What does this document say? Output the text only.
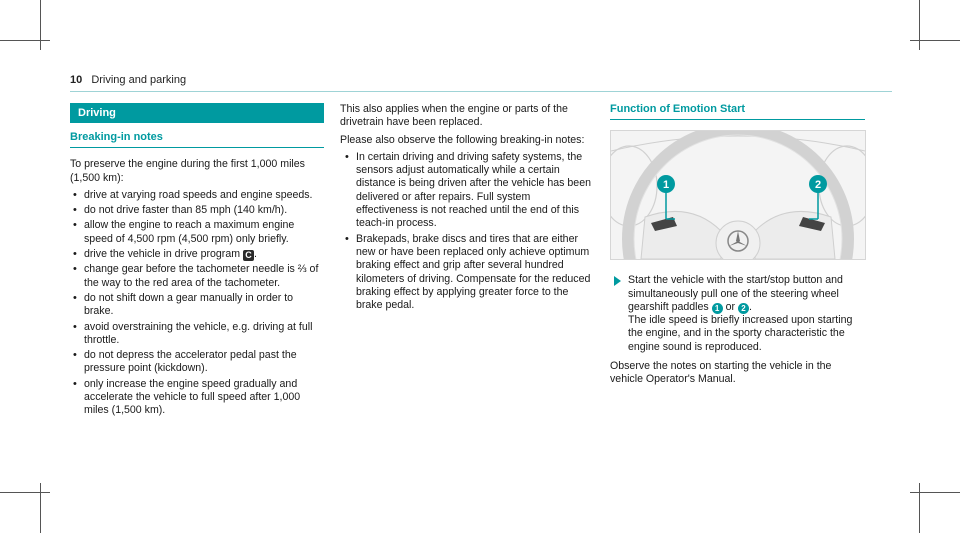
10 Driving and parking
Driving
Breaking-in notes

To preserve the engine during the first 1,000 miles (1,500 km):

• drive at varying road speeds and engine speeds.
• do not drive faster than 85 mph (140 km/h).
• allow the engine to reach a maximum engine speed of 4,500 rpm (4,500 rpm) only briefly.
• drive the vehicle in drive program C .
• change gear before the tachometer needle is ⅔ of the way to the red area of the tachometer.
• do not shift down a gear manually in order to brake.
• avoid overstraining the vehicle, e.g. driving at full throttle.
• do not depress the accelerator pedal past the pressure point (kickdown).
• only increase the engine speed gradually and accelerate the vehicle to full speed after 1,000 miles (1,500 km).

This also applies when the engine or parts of the drivetrain have been replaced.

Please also observe the following breaking-in notes:

• In certain driving and driving safety systems, the sensors adjust automatically while a certain distance is being driven after the vehicle has been delivered or after repairs. Full system effectiveness is not reached until the end of this teach-in process.
• Brakepads, brake discs and tires that are either new or have been replaced only achieve optimum braking effect and grip after several hundred kilometers of driving. Compensate for the reduced braking effect by applying greater force to the brake pedal.
Function of Emotion Start
1	2
Start the vehicle with the start/stop button and simultaneously pull one of the steering wheel gearshift paddles 1 or 2 .
The idle speed is briefly increased upon starting the engine, and in the sporty characteristic the engine sound is reproduced.

Observe the notes on starting the vehicle in the vehicle Operator's Manual.
